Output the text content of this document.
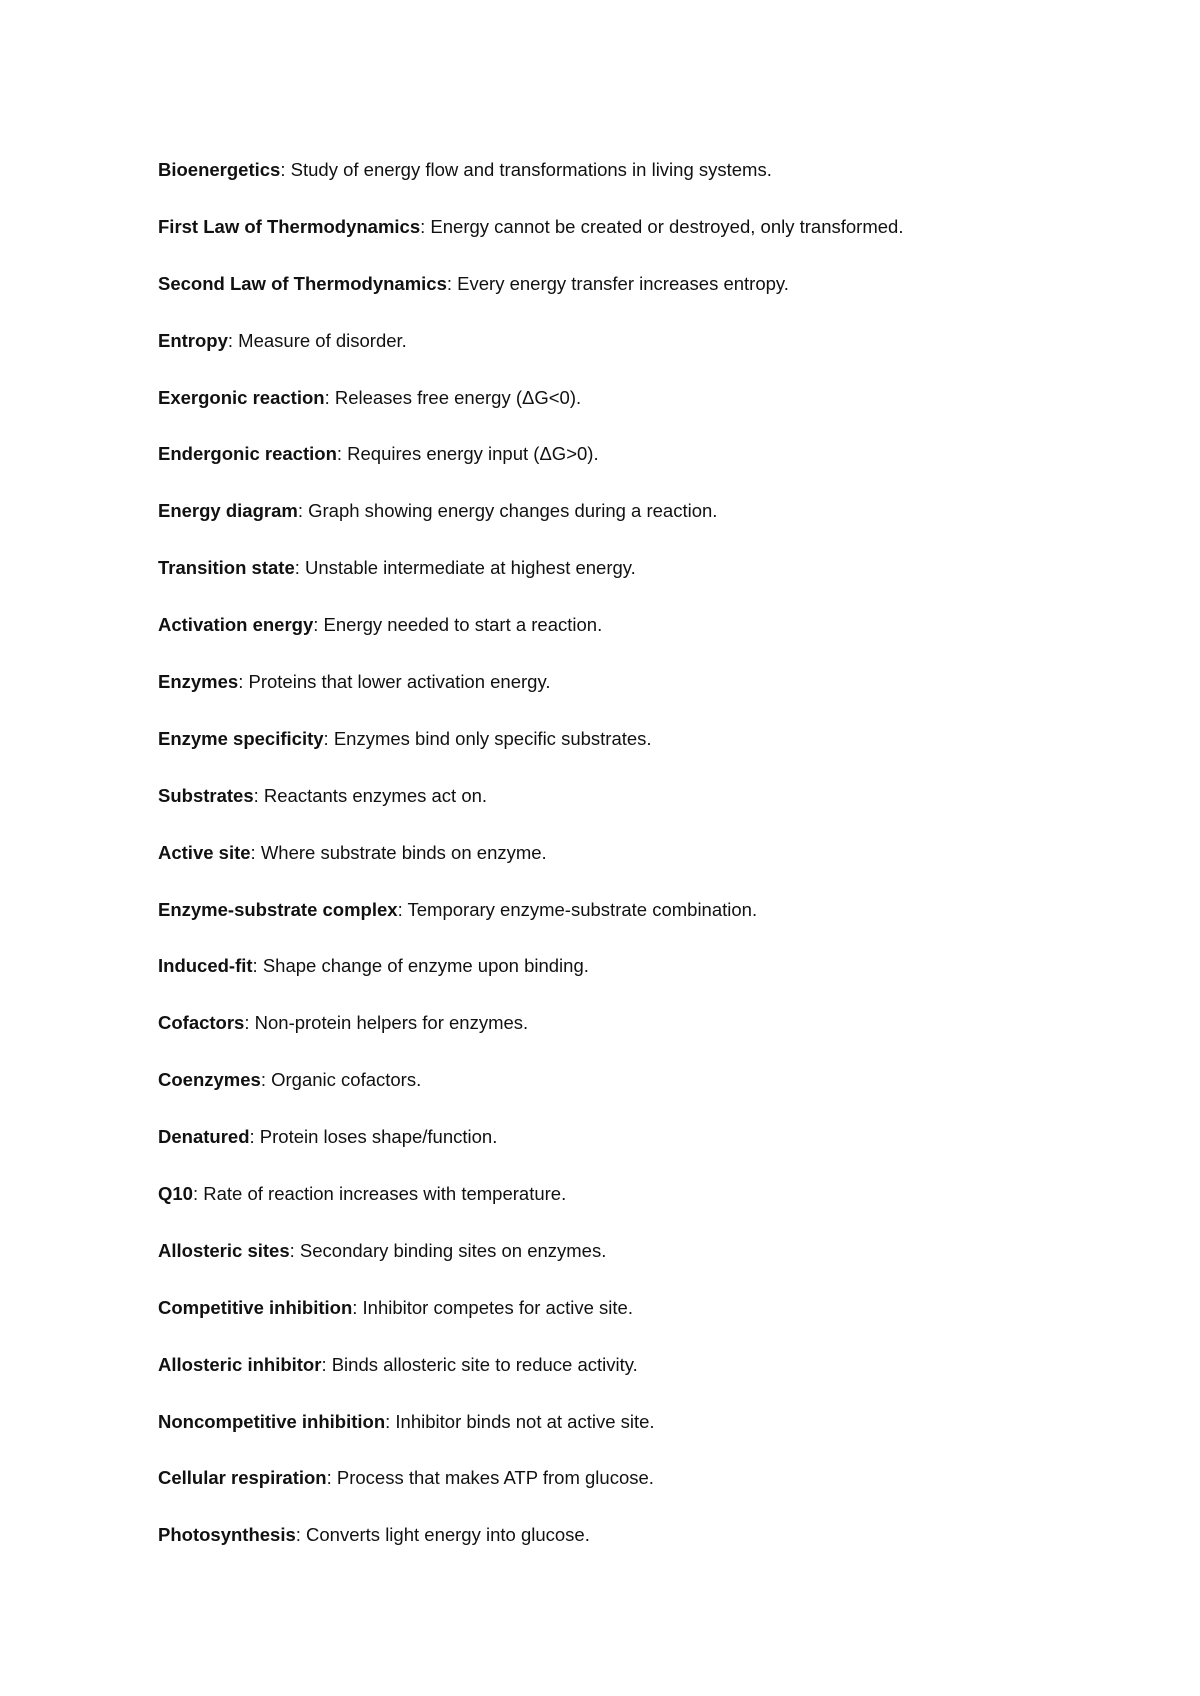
Bioenergetics: Study of energy flow and transformations in living systems.
First Law of Thermodynamics: Energy cannot be created or destroyed, only transformed.
Second Law of Thermodynamics: Every energy transfer increases entropy.
Entropy: Measure of disorder.
Exergonic reaction: Releases free energy (ΔG<0).
Endergonic reaction: Requires energy input (ΔG>0).
Energy diagram: Graph showing energy changes during a reaction.
Transition state: Unstable intermediate at highest energy.
Activation energy: Energy needed to start a reaction.
Enzymes: Proteins that lower activation energy.
Enzyme specificity: Enzymes bind only specific substrates.
Substrates: Reactants enzymes act on.
Active site: Where substrate binds on enzyme.
Enzyme-substrate complex: Temporary enzyme-substrate combination.
Induced-fit: Shape change of enzyme upon binding.
Cofactors: Non-protein helpers for enzymes.
Coenzymes: Organic cofactors.
Denatured: Protein loses shape/function.
Q10: Rate of reaction increases with temperature.
Allosteric sites: Secondary binding sites on enzymes.
Competitive inhibition: Inhibitor competes for active site.
Allosteric inhibitor: Binds allosteric site to reduce activity.
Noncompetitive inhibition: Inhibitor binds not at active site.
Cellular respiration: Process that makes ATP from glucose.
Photosynthesis: Converts light energy into glucose.
